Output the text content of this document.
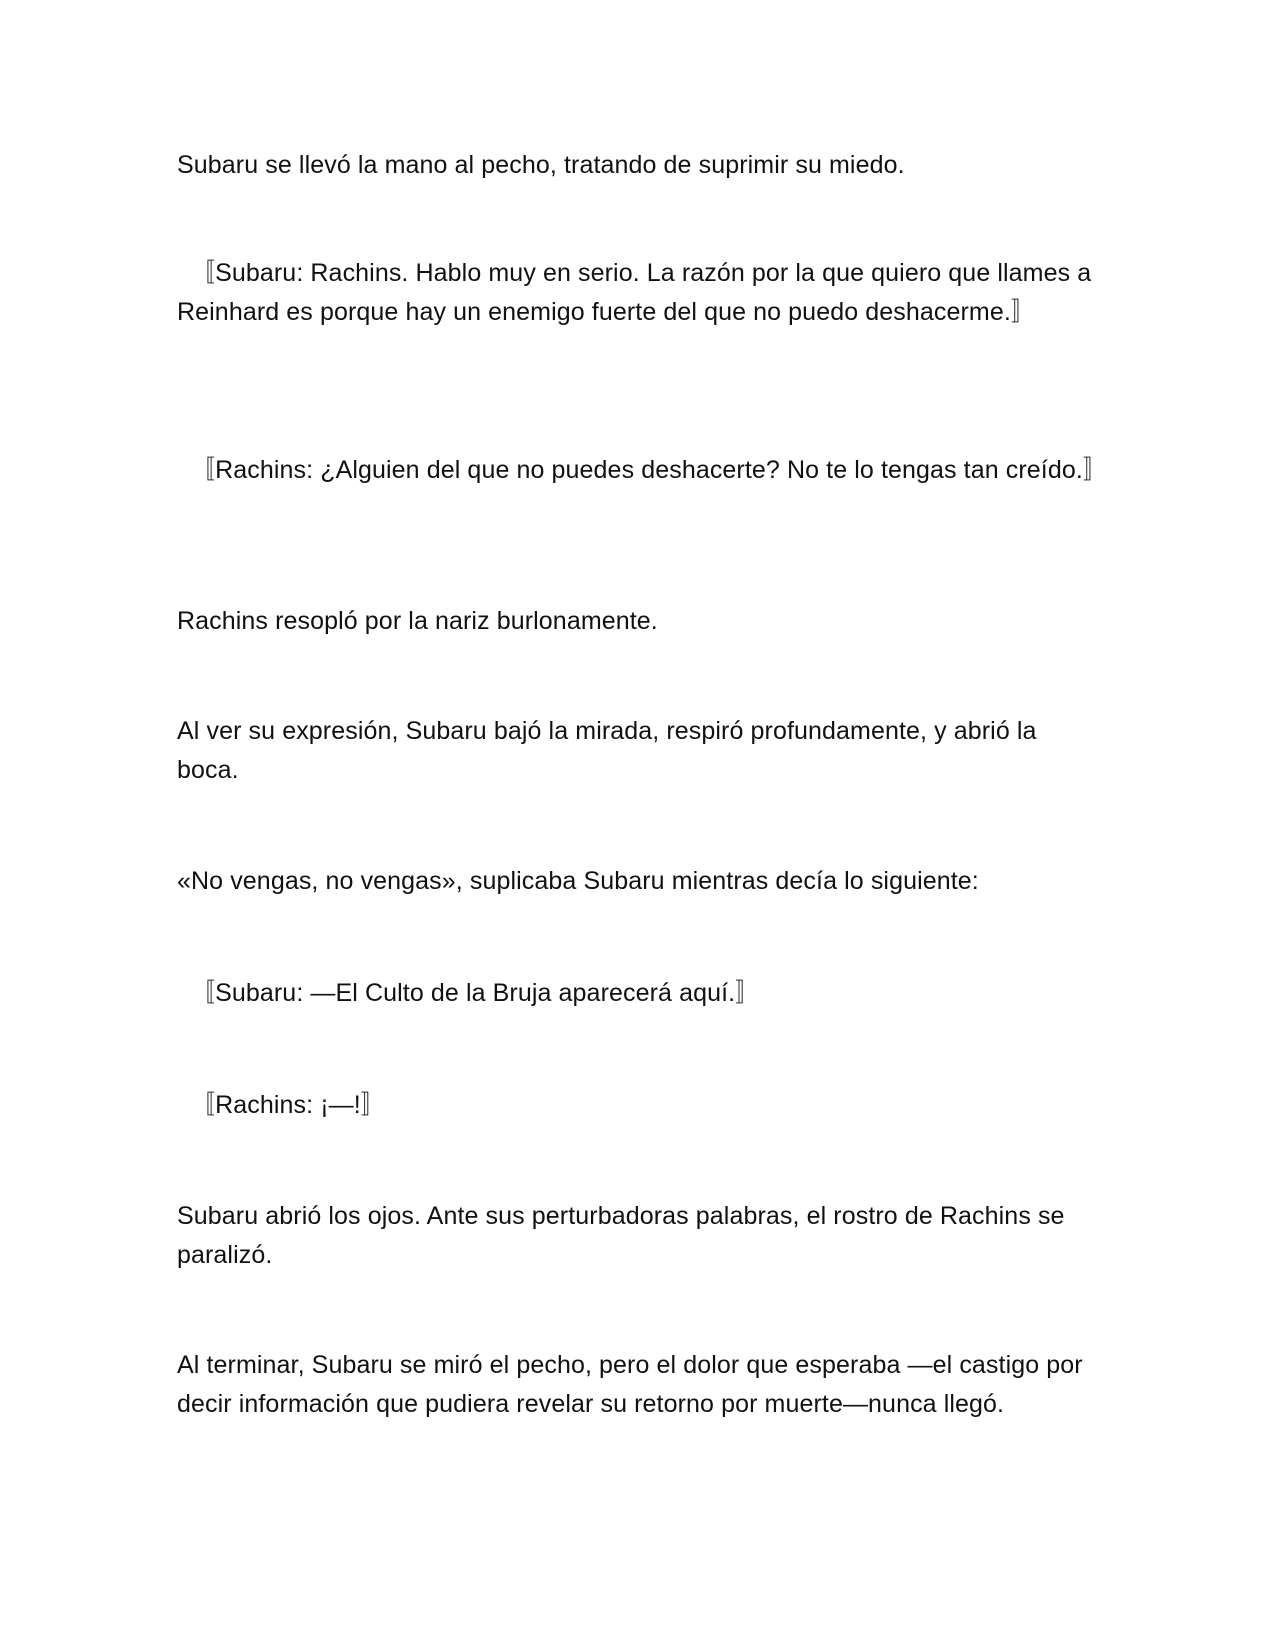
Subaru se llevó la mano al pecho, tratando de suprimir su miedo.

〚Subaru: Rachins. Hablo muy en serio. La razón por la que quiero que llames a Reinhard es porque hay un enemigo fuerte del que no puedo deshacerme.〛

〚Rachins: ¿Alguien del que no puedes deshacerte? No te lo tengas tan creído.〛

Rachins resopló por la nariz burlonamente.

Al ver su expresión, Subaru bajó la mirada, respiró profundamente, y abrió la boca.

«No vengas, no vengas», suplicaba Subaru mientras decía lo siguiente:

〚Subaru: —El Culto de la Bruja aparecerá aquí.〛

〚Rachins: ¡—!〛

Subaru abrió los ojos. Ante sus perturbadoras palabras, el rostro de Rachins se paralizó.

Al terminar, Subaru se miró el pecho, pero el dolor que esperaba —el castigo por decir información que pudiera revelar su retorno por muerte—nunca llegó.
